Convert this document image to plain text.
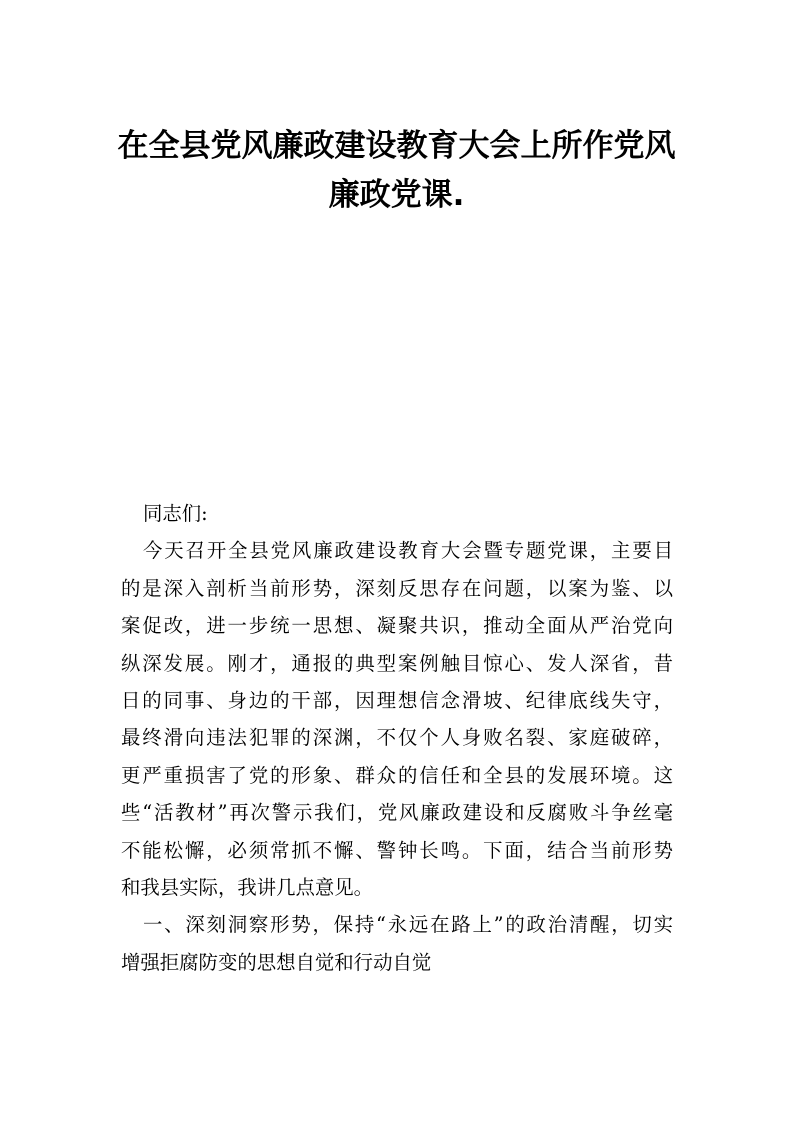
在全县党风廉政建设教育大会上所作党风
廉政党课.
同志们:
今天召开全县党风廉政建设教育大会暨专题党课，主要目
的是深入剖析当前形势，深刻反思存在问题，以案为鉴、以
案促改，进一步统一思想、凝聚共识，推动全面从严治党向
纵深发展。刚才，通报的典型案例触目惊心、发人深省，昔
日的同事、身边的干部，因理想信念滑坡、纪律底线失守，
最终滑向违法犯罪的深渊，不仅个人身败名裂、家庭破碎，
更严重损害了党的形象、群众的信任和全县的发展环境。这
些“活教材”再次警示我们，党风廉政建设和反腐败斗争丝毫
不能松懈，必须常抓不懈、警钟长鸣。下面，结合当前形势
和我县实际，我讲几点意见。
一、深刻洞察形势，保持“永远在路上”的政治清醒，切实
增强拒腐防变的思想自觉和行动自觉
